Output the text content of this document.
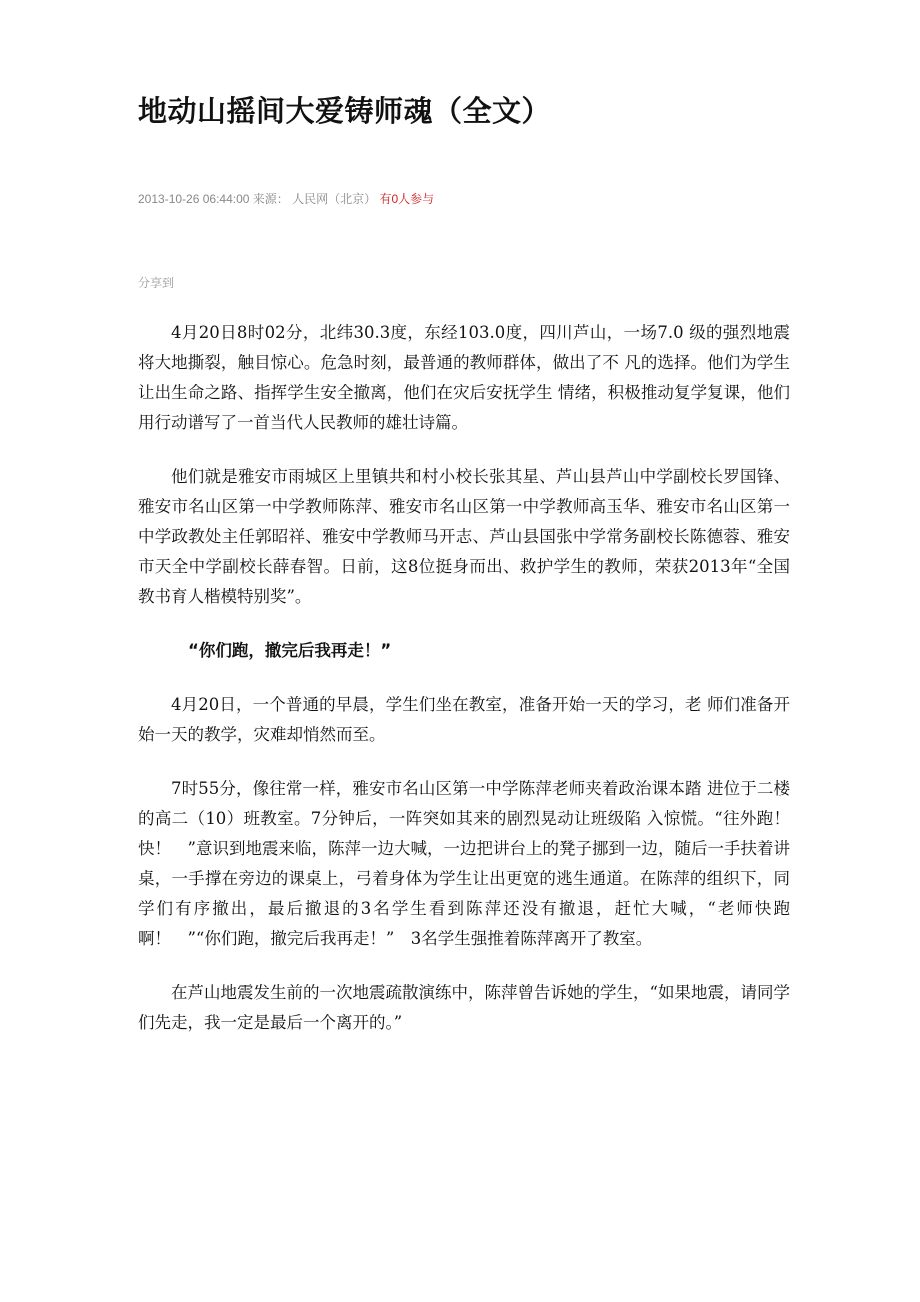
地动山摇间大爱铸师魂（全文）
2013-10-26 06:44:00 来源： 人民网（北京） 有0人参与
分享到

4月20日8时02分，北纬30.3度，东经103.0度，四川芦山，一场7.0 级的强烈地震将大地撕裂，触目惊心。危急时刻，最普通的教师群体，做出了不 凡的选择。他们为学生让出生命之路、指挥学生安全撤离，他们在灾后安抚学生 情绪，积极推动复学复课，他们用行动谱写了一首当代人民教师的雄壮诗篇。

他们就是雅安市雨城区上里镇共和村小校长张其星、芦山县芦山中学副校长罗国锋、雅安市名山区第一中学教师陈萍、雅安市名山区第一中学教师高玉华、雅安市名山区第一中学政教处主任郭昭祥、雅安中学教师马开志、芦山县国张中学常务副校长陈德蓉、雅安市天全中学副校长薛春智。日前，这8位挺身而出、救护学生的教师，荣获2013年“全国教书育人楷模特别奖”。

“你们跑，撤完后我再走！”

4月20日，一个普通的早晨，学生们坐在教室，准备开始一天的学习，老 师们准备开始一天的教学，灾难却悄然而至。

7时55分，像往常一样，雅安市名山区第一中学陈萍老师夹着政治课本踏 进位于二楼的高二（10）班教室。7分钟后，一阵突如其来的剧烈晃动让班级陷 入惊慌。“往外跑！快！　”意识到地震来临，陈萍一边大喊，一边把讲台上的凳子挪到一边，随后一手扶着讲桌，一手撑在旁边的课桌上，弓着身体为学生让出更宽的逃生通道。在陈萍的组织下，同学们有序撤出，最后撤退的3名学生看到陈萍还没有撤退，赶忙大喊，“老师快跑啊！　”“你们跑，撤完后我再走！”　3名学生强推着陈萍离开了教室。

在芦山地震发生前的一次地震疏散演练中，陈萍曾告诉她的学生，“如果地震，请同学们先走，我一定是最后一个离开的。”
